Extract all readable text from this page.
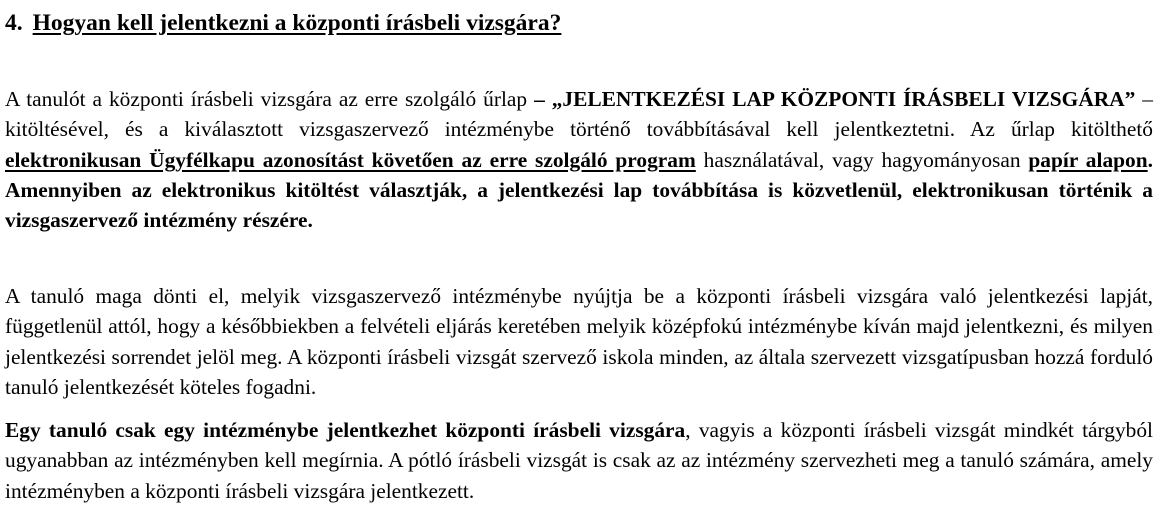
4. Hogyan kell jelentkezni a központi írásbeli vizsgára?

A tanulót a központi írásbeli vizsgára az erre szolgáló űrlap – „JELENTKEZÉSI LAP KÖZPONTI ÍRÁSBELI VIZSGÁRA” – kitöltésével, és a kiválasztott vizsgaszervező intézménybe történő továbbításával kell jelentkeztetni. Az űrlap kitölthető elektronikusan Ügyfélkapu azonosítást követően az erre szolgáló program használatával, vagy hagyományosan papír alapon. Amennyiben az elektronikus kitöltést választják, a jelentkezési lap továbbítása is közvetlenül, elektronikusan történik a vizsgaszervező intézmény részére.

A tanuló maga dönti el, melyik vizsgaszervező intézménybe nyújtja be a központi írásbeli vizsgára való jelentkezési lapját, függetlenül attól, hogy a későbbiekben a felvételi eljárás keretében melyik középfokú intézménybe kíván majd jelentkezni, és milyen jelentkezési sorrendet jelöl meg. A központi írásbeli vizsgát szervező iskola minden, az általa szervezett vizsgatípusban hozzá forduló tanuló jelentkezését köteles fogadni.

Egy tanuló csak egy intézménybe jelentkezhet központi írásbeli vizsgára, vagyis a központi írásbeli vizsgát mindkét tárgyból ugyanabban az intézményben kell megírnia. A pótló írásbeli vizsgát is csak az az intézmény szervezheti meg a tanuló számára, amely intézményben a központi írásbeli vizsgára jelentkezett.
